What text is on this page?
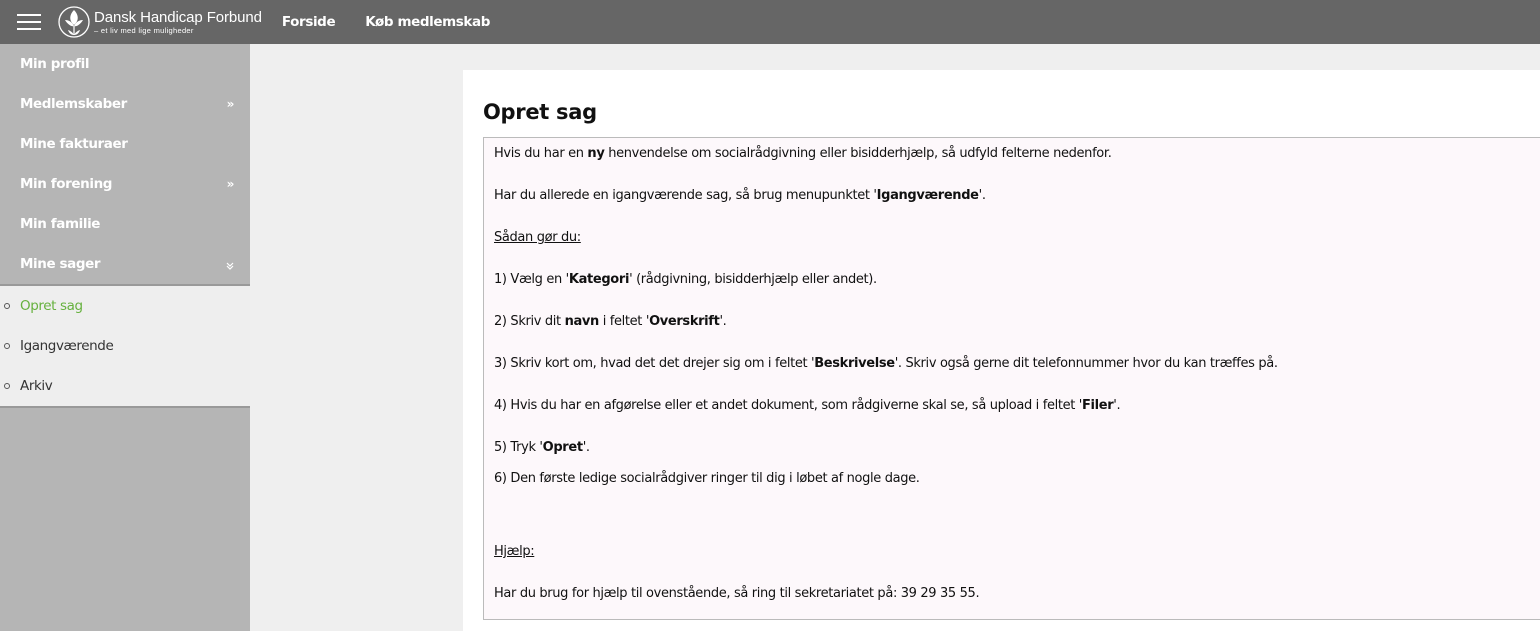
Dansk Handicap Forbund
– et liv med lige muligheder	Forside Køb medlemskab
Min profil
Medlemskaber	»
Mine fakturaer
Min forening	»
Min familie
Mine sager
Opret sag
Igangværende
Arkiv
Opret sag

Hvis du har en ny henvendelse om socialrådgivning eller bisidderhjælp, så udfyld felterne nedenfor.

Har du allerede en igangværende sag, så brug menupunktet 'Igangværende'.

Sådan gør du:

1) Vælg en 'Kategori' (rådgivning, bisidderhjælp eller andet).

2) Skriv dit navn i feltet 'Overskrift'.

3) Skriv kort om, hvad det det drejer sig om i feltet 'Beskrivelse'. Skriv også gerne dit telefonnummer hvor du kan træffes på.

4) Hvis du har en afgørelse eller et andet dokument, som rådgiverne skal se, så upload i feltet 'Filer'.

5) Tryk 'Opret'.

6) Den første ledige socialrådgiver ringer til dig i løbet af nogle dage.

Hjælp:

Har du brug for hjælp til ovenstående, så ring til sekretariatet på: 39 29 35 55.
